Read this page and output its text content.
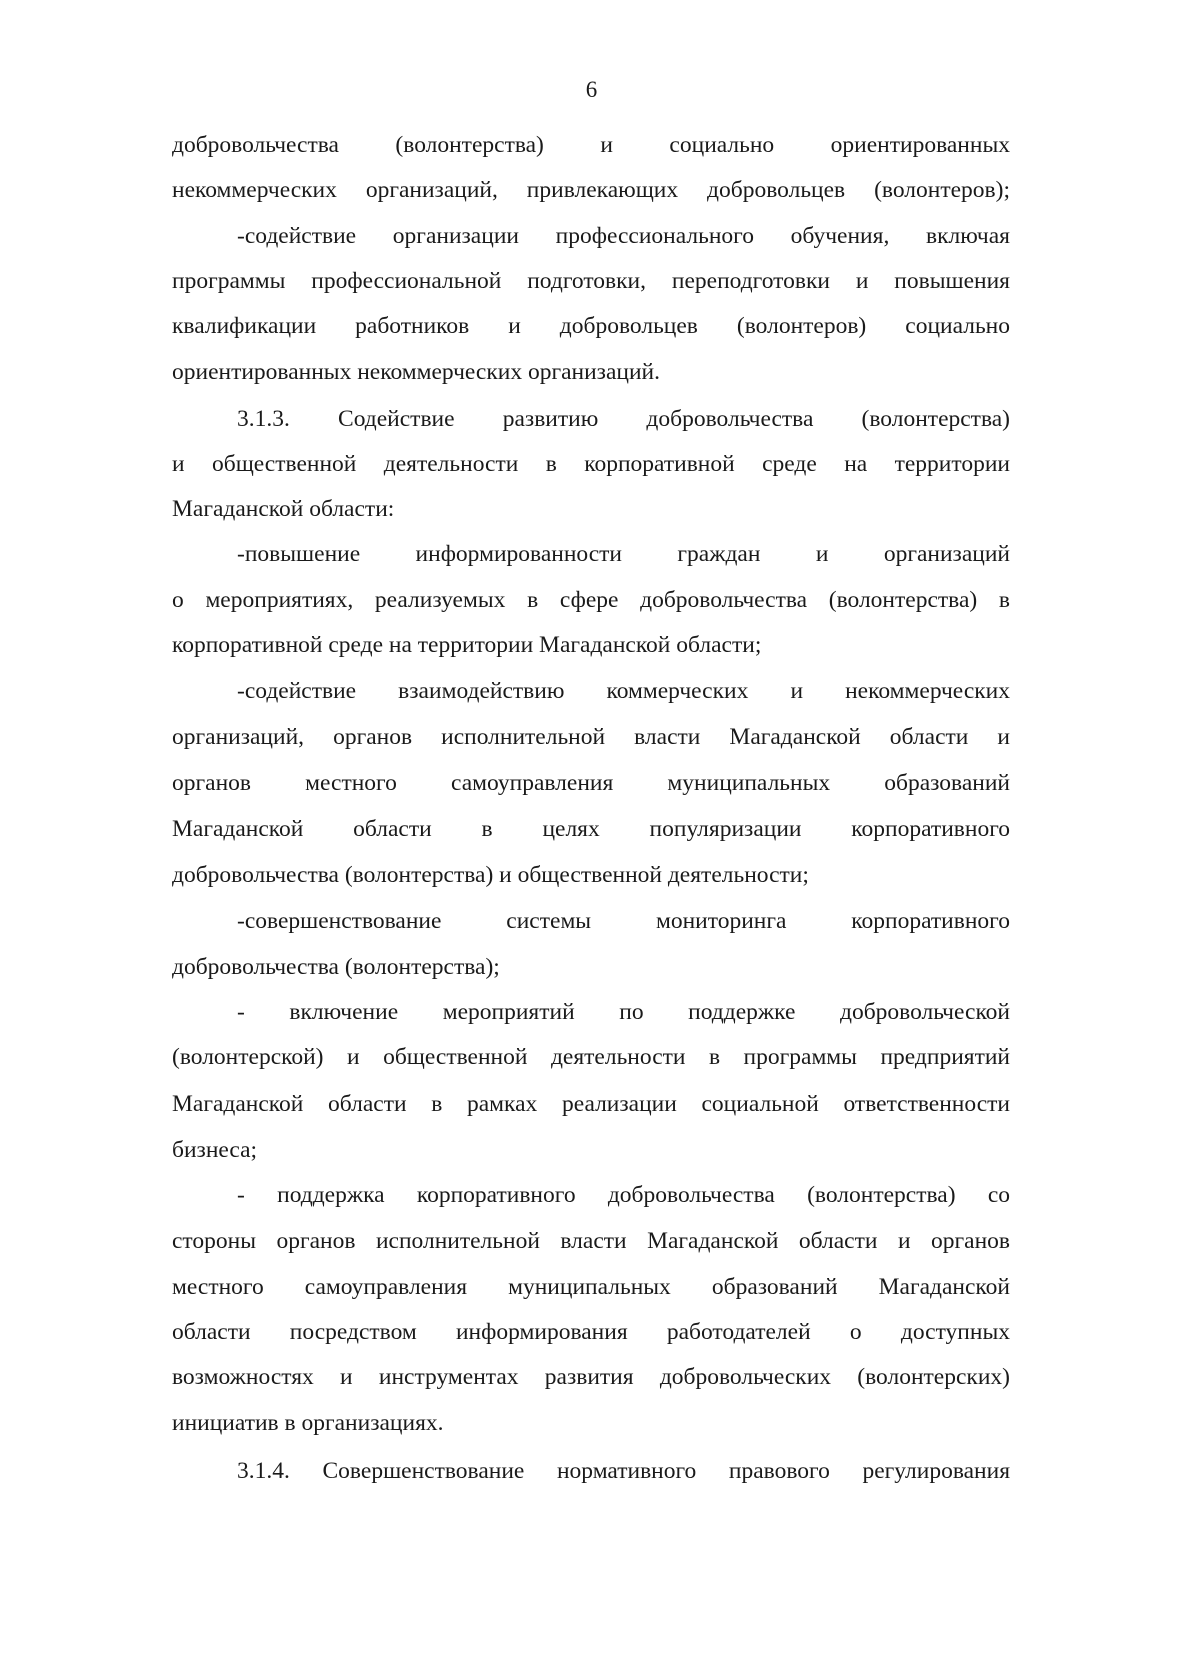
6
добровольчества (волонтерства) и социально ориентированных
некоммерческих организаций, привлекающих добровольцев (волонтеров);
-содействие организации профессионального обучения, включая
программы профессиональной подготовки, переподготовки и повышения
квалификации работников и добровольцев (волонтеров) социально
ориентированных некоммерческих организаций.
3.1.3. Содействие развитию добровольчества (волонтерства)
и общественной деятельности в корпоративной среде на территории
Магаданской области:
-повышение информированности граждан и организаций
о мероприятиях, реализуемых в сфере добровольчества (волонтерства) в
корпоративной среде на территории Магаданской области;
-содействие взаимодействию коммерческих и некоммерческих
организаций, органов исполнительной власти Магаданской области и
органов местного самоуправления муниципальных образований
Магаданской области в целях популяризации корпоративного
добровольчества (волонтерства) и общественной деятельности;
-совершенствование системы мониторинга корпоративного
добровольчества (волонтерства);
- включение мероприятий по поддержке добровольческой
(волонтерской) и общественной деятельности в программы предприятий
Магаданской области в рамках реализации социальной ответственности
бизнеса;
- поддержка корпоративного добровольчества (волонтерства) со
стороны органов исполнительной власти Магаданской области и органов
местного самоуправления муниципальных образований Магаданской
области посредством информирования работодателей о доступных
возможностях и инструментах развития добровольческих (волонтерских)
инициатив в организациях.
3.1.4. Совершенствование нормативного правового регулирования
